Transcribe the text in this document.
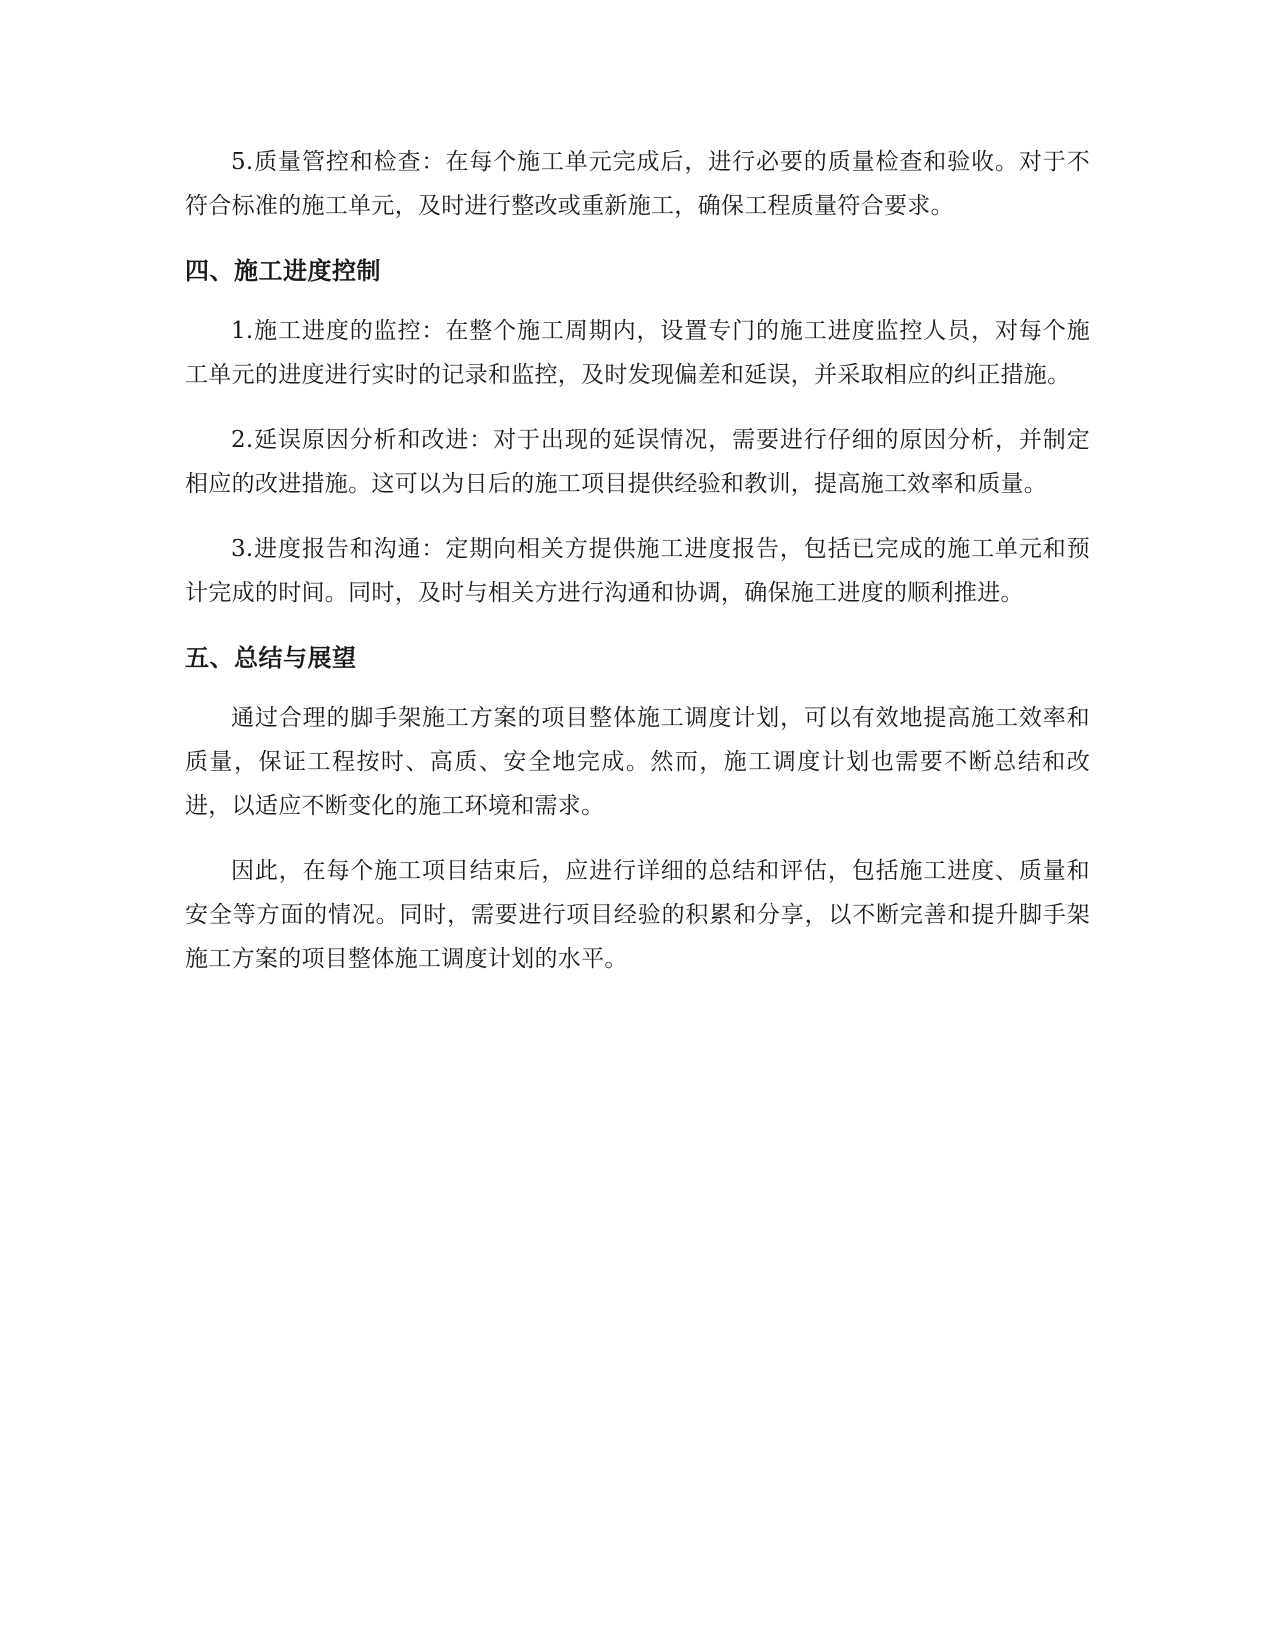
5.质量管控和检查：在每个施工单元完成后，进行必要的质量检查和验收。对于不符合标准的施工单元，及时进行整改或重新施工，确保工程质量符合要求。

四、施工进度控制

1.施工进度的监控：在整个施工周期内，设置专门的施工进度监控人员，对每个施工单元的进度进行实时的记录和监控，及时发现偏差和延误，并采取相应的纠正措施。

2.延误原因分析和改进：对于出现的延误情况，需要进行仔细的原因分析，并制定相应的改进措施。这可以为日后的施工项目提供经验和教训，提高施工效率和质量。

3.进度报告和沟通：定期向相关方提供施工进度报告，包括已完成的施工单元和预计完成的时间。同时，及时与相关方进行沟通和协调，确保施工进度的顺利推进。

五、总结与展望

通过合理的脚手架施工方案的项目整体施工调度计划，可以有效地提高施工效率和质量，保证工程按时、高质、安全地完成。然而，施工调度计划也需要不断总结和改进，以适应不断变化的施工环境和需求。

因此，在每个施工项目结束后，应进行详细的总结和评估，包括施工进度、质量和安全等方面的情况。同时，需要进行项目经验的积累和分享，以不断完善和提升脚手架施工方案的项目整体施工调度计划的水平。
